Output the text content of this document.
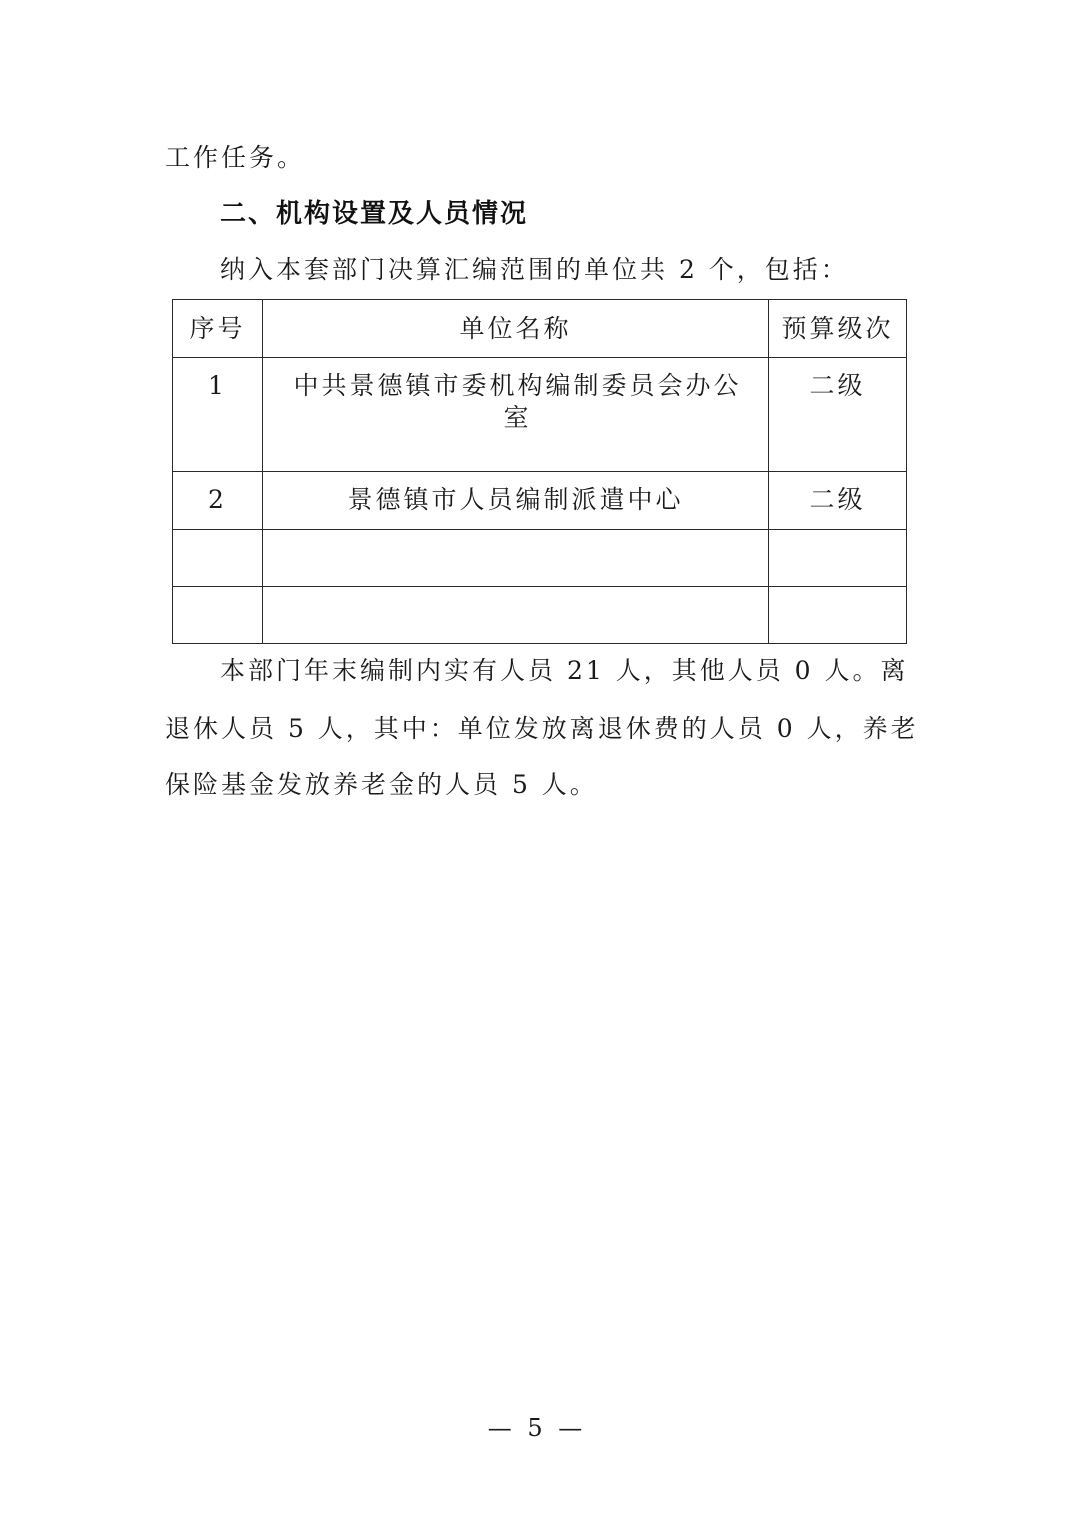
工作任务。
二、机构设置及人员情况
纳入本套部门决算汇编范围的单位共 2 个，包括：
序号	单位名称	预算级次
1	中共景德镇市委机构编制委员会办公室	二级
2	景德镇市人员编制派遣中心	二级

本部门年末编制内实有人员 21 人，其他人员 0 人。离
退休人员 5 人，其中：单位发放离退休费的人员 0 人，养老
保险基金发放养老金的人员 5 人。
— 5 —
